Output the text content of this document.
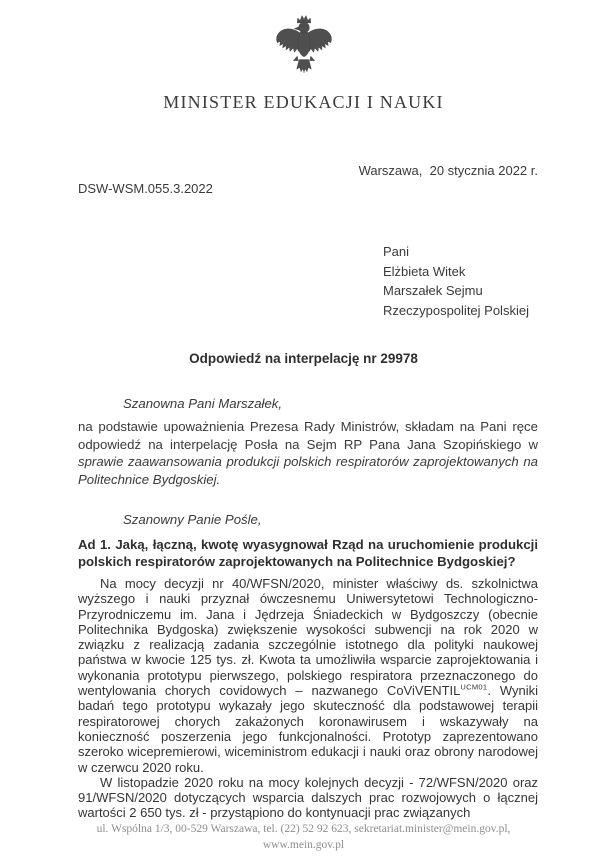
MINISTER EDUKACJI I NAUKI
Warszawa,  20 stycznia 2022 r.
DSW-WSM.055.3.2022
Pani
Elżbieta Witek
Marszałek Sejmu
Rzeczypospolitej Polskiej
Odpowiedź na interpelację nr 29978
Szanowna Pani Marszałek,
na podstawie upoważnienia Prezesa Rady Ministrów, składam na Pani ręce odpowiedź na interpelację Posła na Sejm RP Pana Jana Szopińskiego w sprawie zaawansowania produkcji polskich respiratorów zaprojektowanych na Politechnice Bydgoskiej.
Szanowny Panie Pośle,
Ad 1. Jaką, łączną, kwotę wyasygnował Rząd na uruchomienie produkcji polskich respiratorów zaprojektowanych na Politechnice Bydgoskiej?

Na mocy decyzji nr 40/WFSN/2020, minister właściwy ds. szkolnictwa wyższego i nauki przyznał ówczesnemu Uniwersytetowi Technologiczno-Przyrodniczemu im. Jana i Jędrzeja Śniadeckich w Bydgoszczy (obecnie Politechnika Bydgoska) zwiększenie wysokości subwencji na rok 2020 w związku z realizacją zadania szczególnie istotnego dla polityki naukowej państwa w kwocie 125 tys. zł. Kwota ta umożliwiła wsparcie zaprojektowania i wykonania prototypu pierwszego, polskiego respiratora przeznaczonego do wentylowania chorych covidowych – nazwanego CoViVENTIL$^{UCM01}$. Wyniki badań tego prototypu wykazały jego skuteczność dla podstawowej terapii respiratorowej chorych zakażonych koronawirusem i wskazywały na konieczność poszerzenia jego funkcjonalności. Prototyp zaprezentowano szeroko wicepremierowi, wiceministrom edukacji i nauki oraz obrony narodowej w czerwcu 2020 roku.

W listopadzie 2020 roku na mocy kolejnych decyzji - 72/WFSN/2020 oraz 91/WFSN/2020 dotyczących wsparcia dalszych prac rozwojowych o łącznej wartości 2 650 tys. zł - przystąpiono do kontynuacji prac związanych

ul. Wspólna 1/3, 00-529 Warszawa, tel. (22) 52 92 623, sekretariat.minister@mein.gov.pl,
www.mein.gov.pl
